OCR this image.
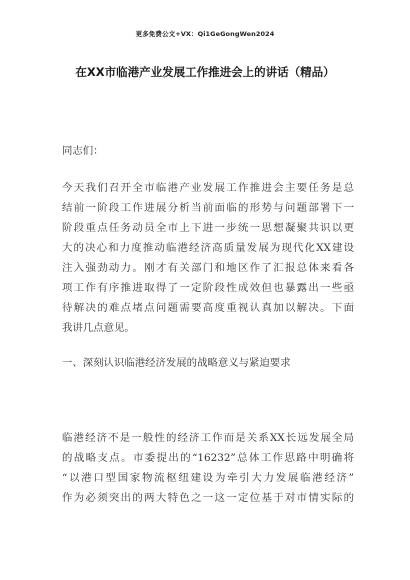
更多免费公文+VX：Qi1GeGongWen2024
在XX市临港产业发展工作推进会上的讲话（精品）

同志们：

今天我们召开全市临港产业发展工作推进会主要任务是总
结前一阶段工作进展分析当前面临的形势与问题部署下一
阶段重点任务动员全市上下进一步统一思想凝聚共识以更
大的决心和力度推动临港经济高质量发展为现代化XX建设
注入强劲动力。刚才有关部门和地区作了汇报总体来看各
项工作有序推进取得了一定阶段性成效但也暴露出一些亟
待解决的难点堵点问题需要高度重视认真加以解决。下面
我讲几点意见。

一、深刻认识临港经济发展的战略意义与紧迫要求

临港经济不是一般性的经济工作而是关系XX长远发展全局
的战略支点。市委提出的“16232”总体工作思路中明确将
“以港口型国家物流枢纽建设为牵引大力发展临港经济”
作为必须突出的两大特色之一这一定位基于对市情实际的
